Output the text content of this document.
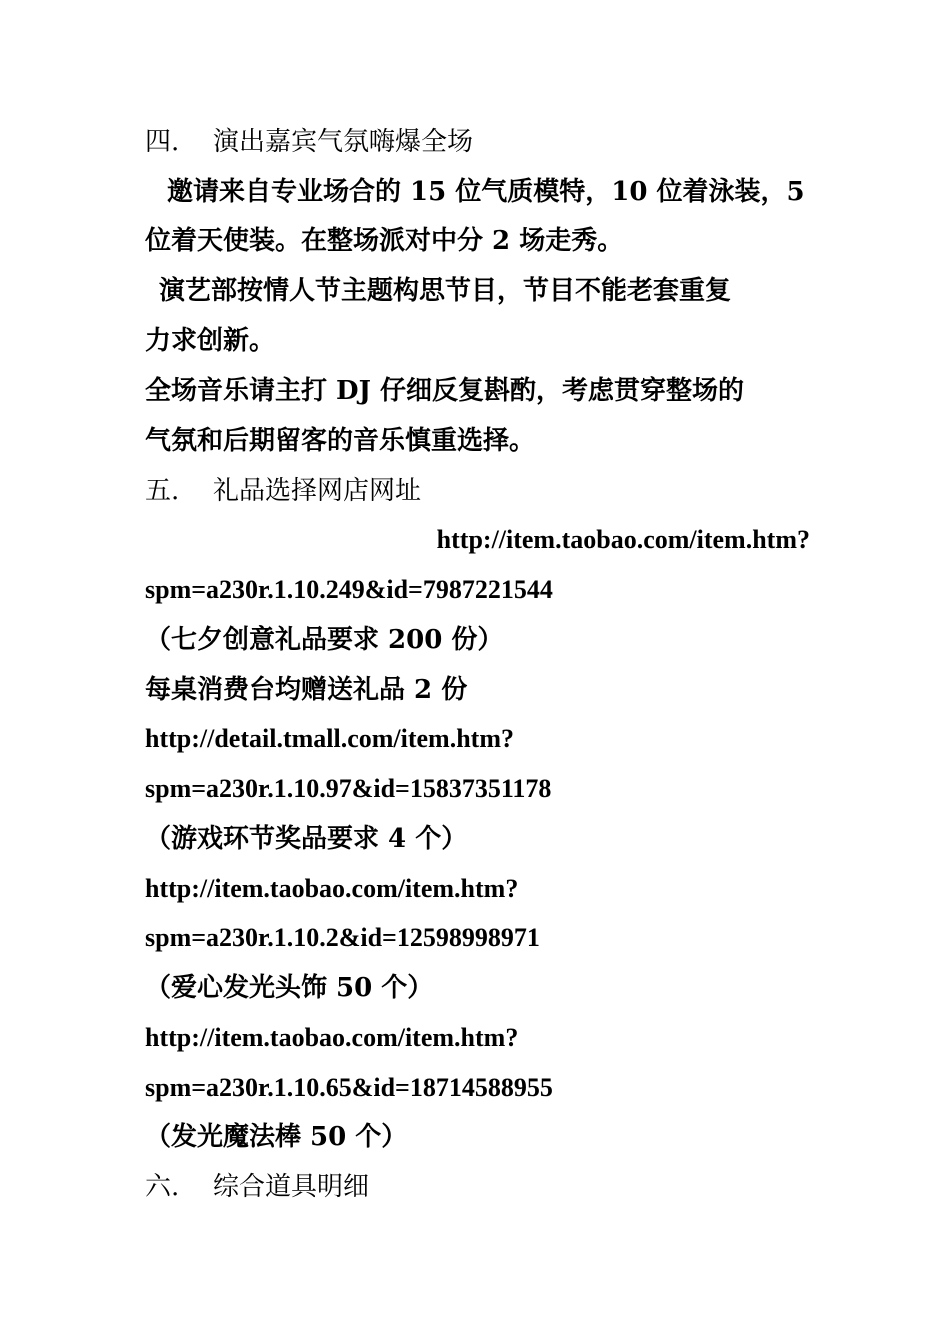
四. 演出嘉宾气氛嗨爆全场
邀请来自专业场合的 15 位气质模特，10 位着泳装，5
位着天使装。在整场派对中分 2 场走秀。
演艺部按情人节主题构思节目，节目不能老套重复
力求创新。
全场音乐请主打 DJ 仔细反复斟酌，考虑贯穿整场的
气氛和后期留客的音乐慎重选择。
五. 礼品选择网店网址
http://item.taobao.com/item.htm?
spm=a230r.1.10.249&id=7987221544
（七夕创意礼品要求 200 份）
每桌消费台均赠送礼品 2 份
http://detail.tmall.com/item.htm?
spm=a230r.1.10.97&id=15837351178
（游戏环节奖品要求 4 个）
http://item.taobao.com/item.htm?
spm=a230r.1.10.2&id=12598998971
（爱心发光头饰 50 个）
http://item.taobao.com/item.htm?
spm=a230r.1.10.65&id=18714588955
（发光魔法棒 50 个）
六. 综合道具明细
